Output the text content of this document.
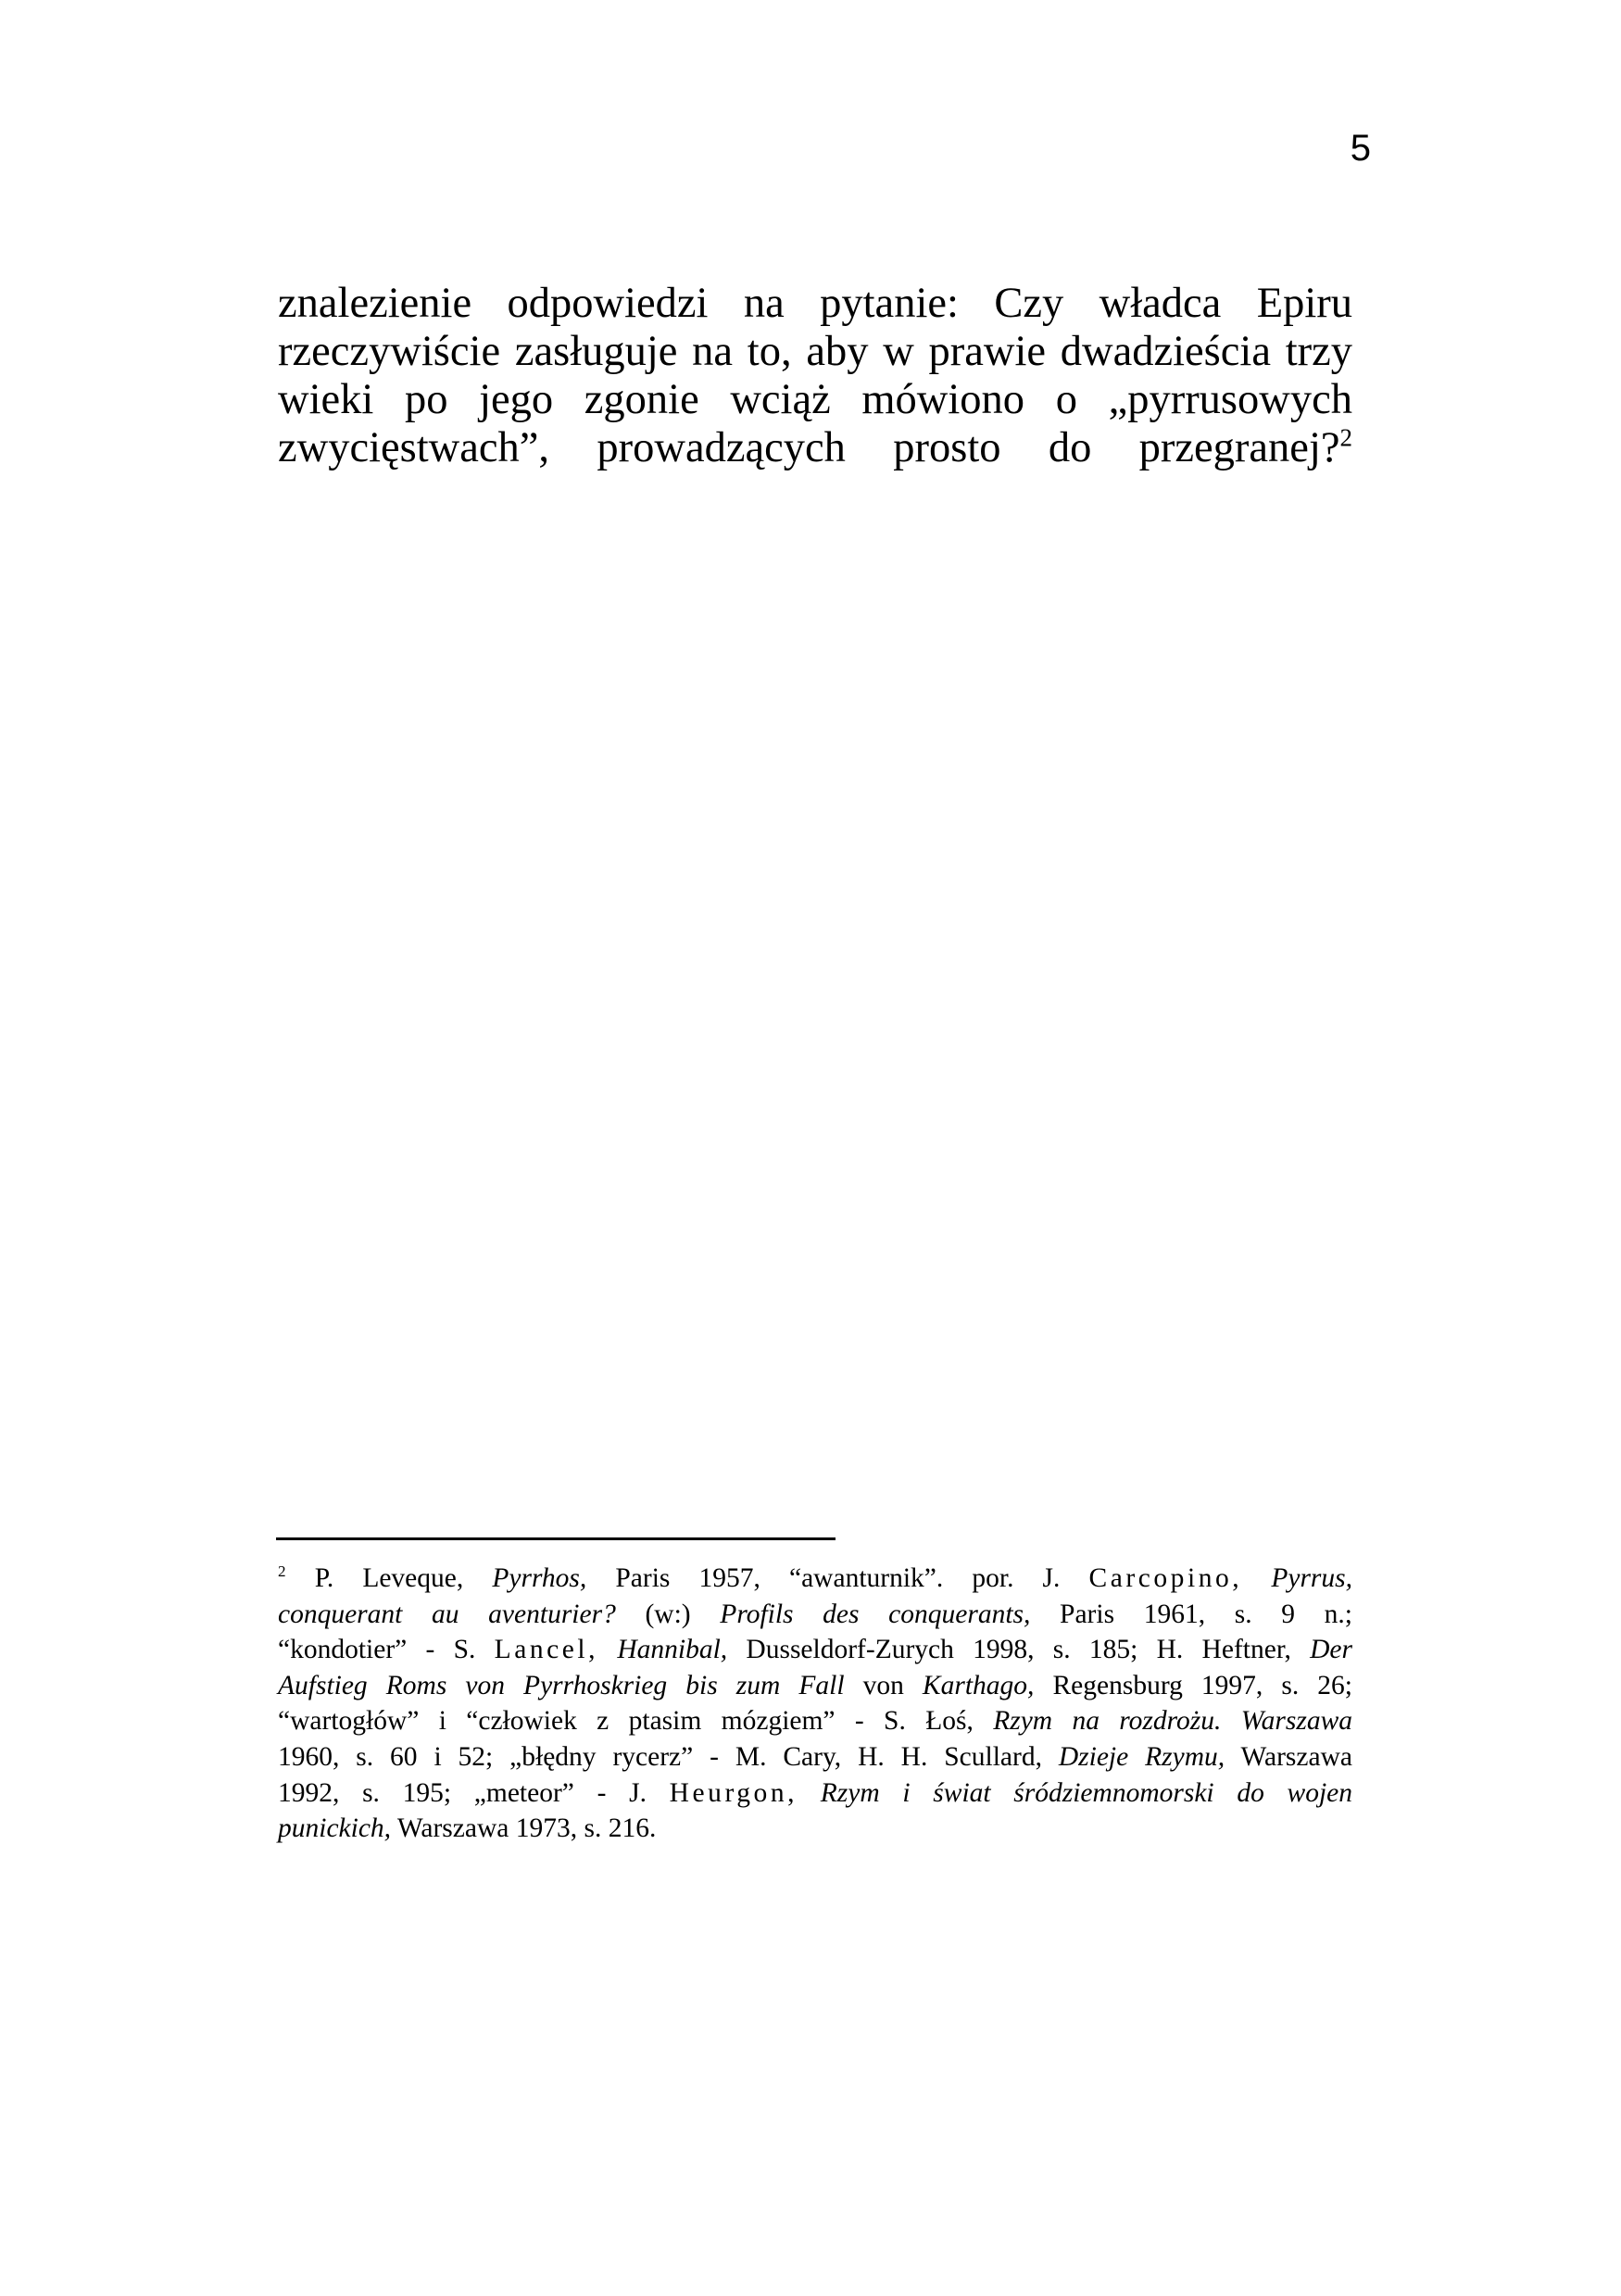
5
znalezienie odpowiedzi na pytanie: Czy władca Epiru
rzeczywiście zasługuje na to, aby w prawie dwadzieścia trzy
wieki po jego zgonie wciąż mówiono o „pyrrusowych
zwycięstwach”, prowadzących prosto do przegranej?$^2$
$^2$ P. Leveque, Pyrrhos, Paris 1957, “awanturnik”. por. J. Carcopino, Pyrrus,
conquerant au aventurier? (w:) Profils des conquerants, Paris 1961, s. 9 n.;
“kondotier” - S. Lancel, Hannibal, Dusseldorf-Zurych 1998, s. 185; H. Heftner, Der
Aufstieg Roms von Pyrrhoskrieg bis zum Fall von Karthago, Regensburg 1997, s. 26;
“wartogłów” i “człowiek z ptasim mózgiem” - S. Łoś, Rzym na rozdrożu. Warszawa
1960, s. 60 i 52; „błędny rycerz” - M. Cary, H. H. Scullard, Dzieje Rzymu, Warszawa
1992, s. 195; „meteor” - J. Heurgon, Rzym i świat śródziemnomorski do wojen
punickich, Warszawa 1973, s. 216.
